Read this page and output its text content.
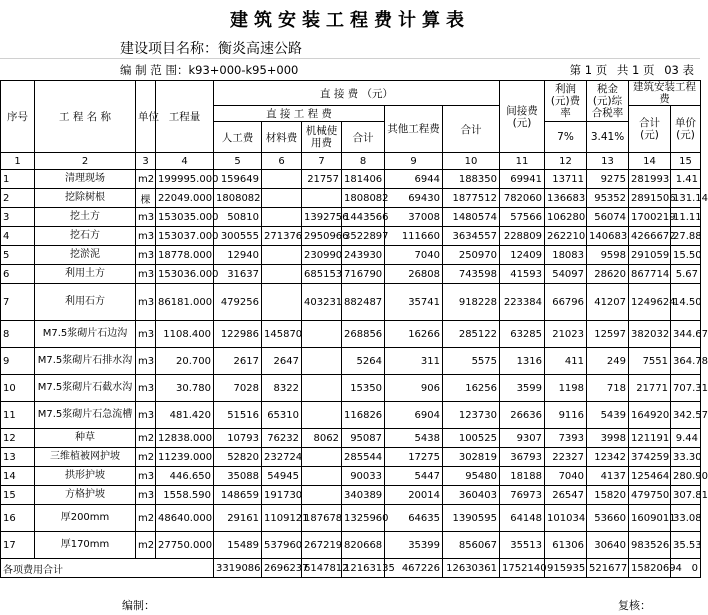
建筑安装工程费计算表
建设项目名称：衡炎高速公路
编 制 范 围：k93+000-k95+000	第 1 页 共 1 页 03 表
序号	工 程 名 称	单位	工程量	直 接 费 （元）						间接费(元)	利润(元)费率	税金(元)综合税率	建筑安装工程费	
				直 接 工 程 费				其他工程费	合计				合计(元)	单价(元)
				人工费	材料费	机械使用费	合计							
											7%	3.41%		
1	2	3	4	5	6	7	8	9	10	11	12	13	14	15
1	清理现场	m2	199995.000	159649		21757	181406	6944	188350	69941	13711	9275	281993	1.41
2	挖除树根	棵	22049.000	1808082			1808082	69430	1877512	782060	136683	95352	2891506	131.14
3	挖土方	m3	153035.000	50810		1392756	1443566	37008	1480574	57566	106280	56074	1700219	11.11
4	挖石方	m3	153037.000	300555	271376	2950966	3522897	111660	3634557	228809	262210	140683	4266672	27.88
5	挖淤泥	m3	18778.000	12940		230990	243930	7040	250970	12409	18083	9598	291059	15.50
6	利用土方	m3	153036.000	31637		685153	716790	26808	743598	41593	54097	28620	867714	5.67
7	利用石方	m3	86181.000	479256		403231	882487	35741	918228	223384	66796	41207	1249624	14.50
8	M7.5浆砌片石边沟	m3	1108.400	122986	145870		268856	16266	285122	63285	21023	12597	382032	344.67
9	M7.5浆砌片石排水沟	m3	20.700	2617	2647		5264	311	5575	1316	411	249	7551	364.78
10	M7.5浆砌片石截水沟	m3	30.780	7028	8322		15350	906	16256	3599	1198	718	21771	707.31
11	M7.5浆砌片石急流槽	m3	481.420	51516	65310		116826	6904	123730	26636	9116	5439	164920	342.57
12	种草	m2	12838.000	10793	76232	8062	95087	5438	100525	9307	7393	3998	121191	9.44
13	三维植被网护坡	m2	11239.000	52820	232724		285544	17275	302819	36793	22327	12342	374259	33.30
14	拱形护坡	m3	446.650	35088	54945		90033	5447	95480	18188	7040	4137	125464	280.90
15	方格护坡	m3	1558.590	148659	191730		340389	20014	360403	76973	26547	15820	479750	307.81
16	厚200mm	m2	48640.000	29161	1109121	187678	1325960	64635	1390595	64148	101034	53660	1609011	33.08
17	厚170mm	m2	27750.000	15489	537960	267219	820668	35399	856067	35513	61306	30640	983526	35.53
各项费用合计				3319086	2696237	6147812	12163135	467226	12630361	1752140	915935	521677	15820694	0
编制：	复核：
